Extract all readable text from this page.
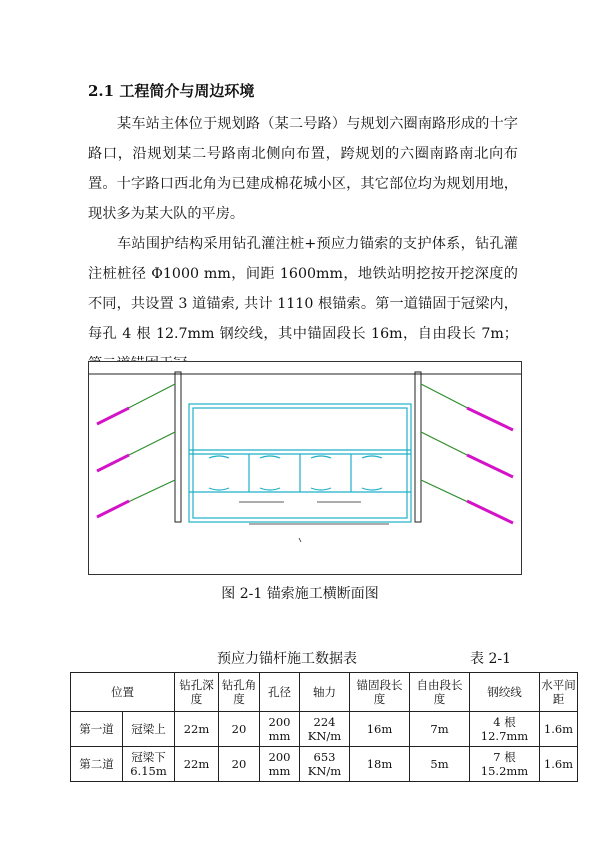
2.1 工程简介与周边环境

某车站主体位于规划路（某二号路）与规划六圈南路形成的十字路口，沿规划某二号路南北侧向布置，跨规划的六圈南路南北向布置。十字路口西北角为已建成棉花城小区，其它部位均为规划用地，现状多为某大队的平房。

车站围护结构采用钻孔灌注桩+预应力锚索的支护体系，钻孔灌注桩桩径 Φ1000 mm，间距 1600mm，地铁站明挖按开挖深度的不同，共设置 3 道锚索, 共计 1110 根锚索。第一道锚固于冠梁内，每孔 4 根 12.7mm 钢绞线，其中锚固段长 16m，自由段长 7m；

图 2-1 锚索施工横断面图
预应力锚杆施工数据表	表 2-1
位置		钻孔深度	钻孔角度	孔径	轴力	锚固段长度	自由段长度	钢绞线	水平间距
第一道	冠梁上	22m	20	200 mm	224 KN/m	16m	7m	4 根 12.7mm	1.6m
第二道	冠梁下 6.15m	22m	20	200 mm	653 KN/m	18m	5m	7 根 15.2mm	1.6m
